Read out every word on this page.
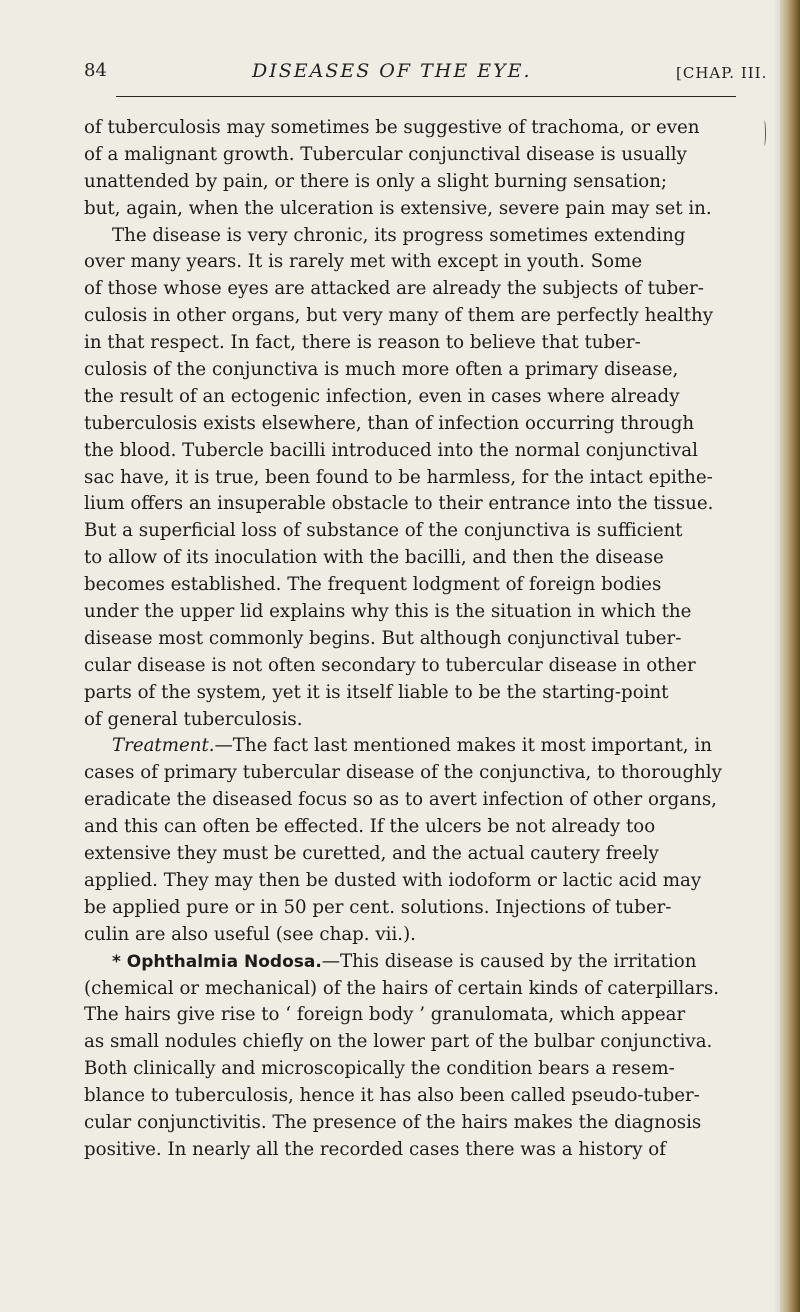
84	DISEASES OF THE EYE.	[CHAP. III.
of tuberculosis may sometimes be suggestive of trachoma, or even
of a malignant growth. Tubercular conjunctival disease is usually
unattended by pain, or there is only a slight burning sensation;
but, again, when the ulceration is extensive, severe pain may set in.
The disease is very chronic, its progress sometimes extending
over many years. It is rarely met with except in youth. Some
of those whose eyes are attacked are already the subjects of tuber-
culosis in other organs, but very many of them are perfectly healthy
in that respect. In fact, there is reason to believe that tuber-
culosis of the conjunctiva is much more often a primary disease,
the result of an ectogenic infection, even in cases where already
tuberculosis exists elsewhere, than of infection occurring through
the blood. Tubercle bacilli introduced into the normal conjunctival
sac have, it is true, been found to be harmless, for the intact epithe-
lium offers an insuperable obstacle to their entrance into the tissue.
But a superficial loss of substance of the conjunctiva is sufficient
to allow of its inoculation with the bacilli, and then the disease
becomes established. The frequent lodgment of foreign bodies
under the upper lid explains why this is the situation in which the
disease most commonly begins. But although conjunctival tuber-
cular disease is not often secondary to tubercular disease in other
parts of the system, yet it is itself liable to be the starting-point
of general tuberculosis.
Treatment.—The fact last mentioned makes it most important, in
cases of primary tubercular disease of the conjunctiva, to thoroughly
eradicate the diseased focus so as to avert infection of other organs,
and this can often be effected. If the ulcers be not already too
extensive they must be curetted, and the actual cautery freely
applied. They may then be dusted with iodoform or lactic acid may
be applied pure or in 50 per cent. solutions. Injections of tuber-
culin are also useful (see chap. vii.).
* Ophthalmia Nodosa.—This disease is caused by the irritation
(chemical or mechanical) of the hairs of certain kinds of caterpillars.
The hairs give rise to ‘ foreign body ’ granulomata, which appear
as small nodules chiefly on the lower part of the bulbar conjunctiva.
Both clinically and microscopically the condition bears a resem-
blance to tuberculosis, hence it has also been called pseudo-tuber-
cular conjunctivitis. The presence of the hairs makes the diagnosis
positive. In nearly all the recorded cases there was a history of
